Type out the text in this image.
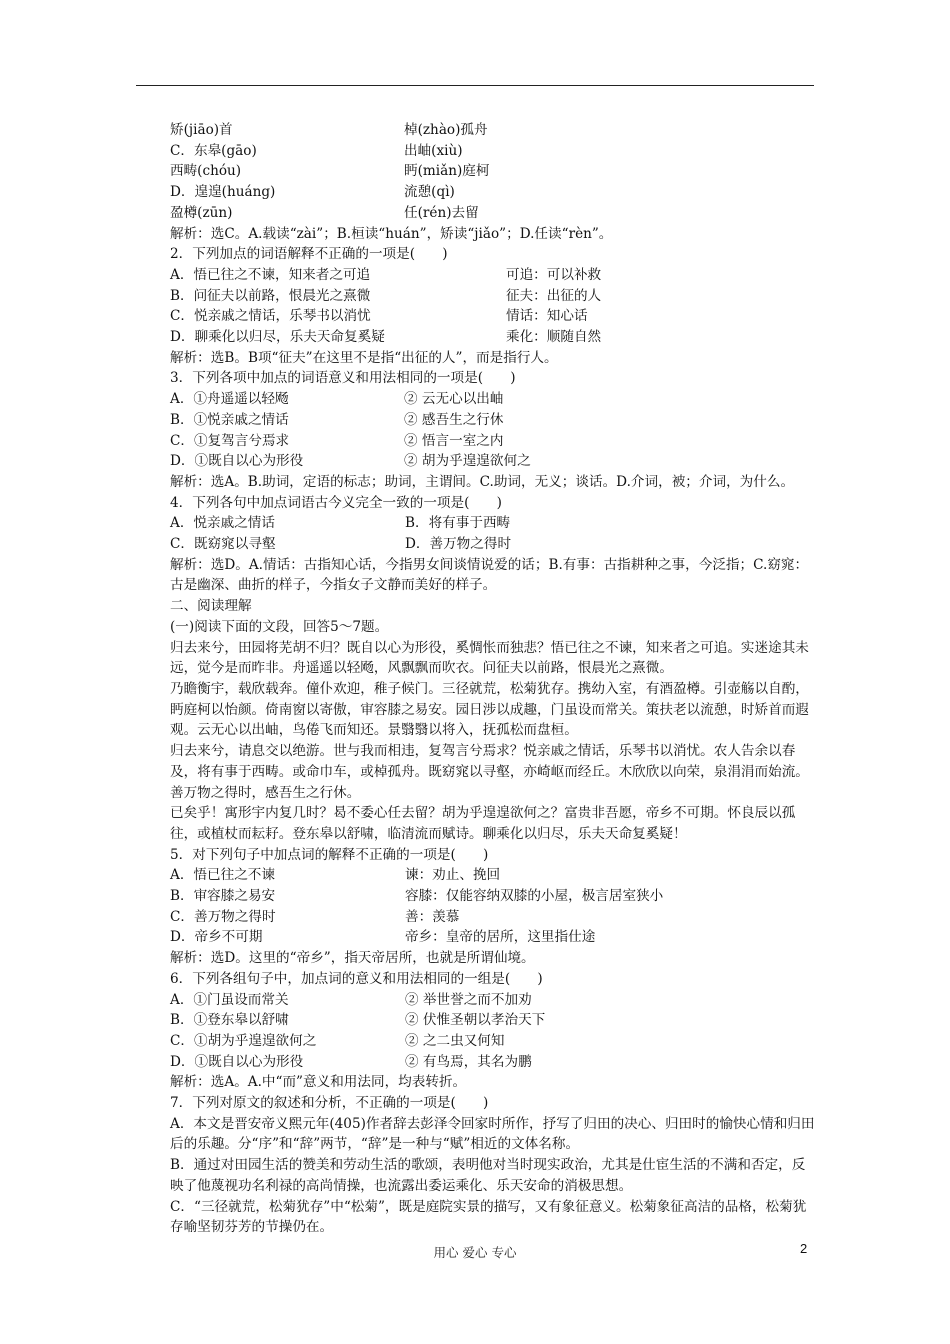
矫(jiāo)首	棹(zhào)孤舟
C．东皋(gāo)	出岫(xiù)
西畴(chóu)	眄(miǎn)庭柯
D．遑遑(huáng)	流憩(qì)
盈樽(zūn)	任(rén)去留
解析：选C。A.载读“zài”；B.桓读“huán”，矫读“jiǎo”；D.任读“rèn”。
2．下列加点的词语解释不正确的一项是(　　)
A．悟已往之不谏，知来者之可追	可追：可以补救
B．问征夫以前路，恨晨光之熹微	征夫：出征的人
C．悦亲戚之情话，乐琴书以消忧	情话：知心话
D．聊乘化以归尽，乐夫天命复奚疑	乘化：顺随自然
解析：选B。B项“征夫”在这里不是指“出征的人”，而是指行人。
3．下列各项中加点的词语意义和用法相同的一项是(　　)
A．①舟遥遥以轻飏	② 云无心以出岫
B．①悦亲戚之情话	② 感吾生之行休
C．①复驾言兮焉求	② 悟言一室之内
D．①既自以心为形役	② 胡为乎遑遑欲何之
解析：选A。B.助词，定语的标志；助词，主谓间。C.助词，无义；谈话。D.介词，被；介词，为什么。
4．下列各句中加点词语古今义完全一致的一项是(　　)
A．悦亲戚之情话	B．将有事于西畴
C．既窈窕以寻壑	D．善万物之得时
解析：选D。A.情话：古指知心话，今指男女间谈情说爱的话；B.有事：古指耕种之事，今泛指；C.窈窕：古是幽深、曲折的样子，今指女子文静而美好的样子。
二、阅读理解
(一)阅读下面的文段，回答5～7题。
归去来兮，田园将芜胡不归？既自以心为形役，奚惆怅而独悲？悟已往之不谏，知来者之可追。实迷途其未远，觉今是而昨非。舟遥遥以轻飏，风飘飘而吹衣。问征夫以前路，恨晨光之熹微。
乃瞻衡宇，载欣载奔。僮仆欢迎，稚子候门。三径就荒，松菊犹存。携幼入室，有酒盈樽。引壶觞以自酌，眄庭柯以怡颜。倚南窗以寄傲，审容膝之易安。园日涉以成趣，门虽设而常关。策扶老以流憩，时矫首而遐观。云无心以出岫，鸟倦飞而知还。景翳翳以将入，抚孤松而盘桓。
归去来兮，请息交以绝游。世与我而相违，复驾言兮焉求？悦亲戚之情话，乐琴书以消忧。农人告余以春及，将有事于西畴。或命巾车，或棹孤舟。既窈窕以寻壑，亦崎岖而经丘。木欣欣以向荣，泉涓涓而始流。善万物之得时，感吾生之行休。
已矣乎！寓形宇内复几时？曷不委心任去留？胡为乎遑遑欲何之？富贵非吾愿，帝乡不可期。怀良辰以孤往，或植杖而耘耔。登东皋以舒啸，临清流而赋诗。聊乘化以归尽，乐夫天命复奚疑！
5．对下列句子中加点词的解释不正确的一项是(　　)
A．悟已往之不谏	谏：劝止、挽回
B．审容膝之易安	容膝：仅能容纳双膝的小屋，极言居室狭小
C．善万物之得时	善：羡慕
D．帝乡不可期	帝乡：皇帝的居所，这里指仕途
解析：选D。这里的“帝乡”，指天帝居所，也就是所谓仙境。
6．下列各组句子中，加点词的意义和用法相同的一组是(　　)
A．①门虽设而常关	② 举世誉之而不加劝
B．①登东皋以舒啸	② 伏惟圣朝以孝治天下
C．①胡为乎遑遑欲何之	② 之二虫又何知
D．①既自以心为形役	② 有鸟焉，其名为鹏
解析：选A。A.中“而”意义和用法同，均表转折。
7．下列对原文的叙述和分析，不正确的一项是(　　)
A．本文是晋安帝义熙元年(405)作者辞去彭泽令回家时所作，抒写了归田的决心、归田时的愉快心情和归田后的乐趣。分“序”和“辞”两节，“辞”是一种与“赋”相近的文体名称。
B．通过对田园生活的赞美和劳动生活的歌颂，表明他对当时现实政治，尤其是仕宦生活的不满和否定，反映了他蔑视功名利禄的高尚情操，也流露出委运乘化、乐天安命的消极思想。
C．“三径就荒，松菊犹存”中“松菊”，既是庭院实景的描写，又有象征意义。松菊象征高洁的品格，松菊犹存喻坚韧芬芳的节操仍在。
用心 爱心 专心	2
